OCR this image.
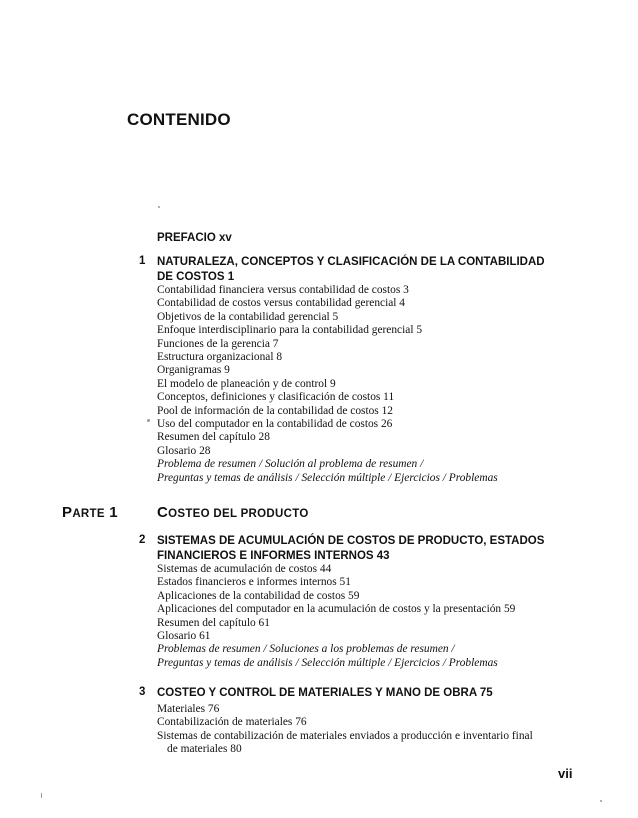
CONTENIDO
PREFACIO xv
1 NATURALEZA, CONCEPTOS Y CLASIFICACIÓN DE LA CONTABILIDAD DE COSTOS 1
Contabilidad financiera versus contabilidad de costos 3
Contabilidad de costos versus contabilidad gerencial 4
Objetivos de la contabilidad gerencial 5
Enfoque interdisciplinario para la contabilidad gerencial 5
Funciones de la gerencia 7
Estructura organizacional 8
Organigramas 9
El modelo de planeación y de control 9
Conceptos, definiciones y clasificación de costos 11
Pool de información de la contabilidad de costos 12
Uso del computador en la contabilidad de costos 26
Resumen del capítulo 28
Glosario 28
Problema de resumen / Solución al problema de resumen /
Preguntas y temas de análisis / Selección múltiple / Ejercicios / Problemas
PARTE 1	COSTEO DEL PRODUCTO
2 SISTEMAS DE ACUMULACIÓN DE COSTOS DE PRODUCTO, ESTADOS FINANCIEROS E INFORMES INTERNOS 43
Sistemas de acumulación de costos 44
Estados financieros e informes internos 51
Aplicaciones de la contabilidad de costos 59
Aplicaciones del computador en la acumulación de costos y la presentación 59
Resumen del capítulo 61
Glosario 61
Problemas de resumen / Soluciones a los problemas de resumen /
Preguntas y temas de análisis / Selección múltiple / Ejercicios / Problemas
3 COSTEO Y CONTROL DE MATERIALES Y MANO DE OBRA 75
Materiales 76
Contabilización de materiales 76
Sistemas de contabilización de materiales enviados a producción e inventario final de materiales 80
vii
